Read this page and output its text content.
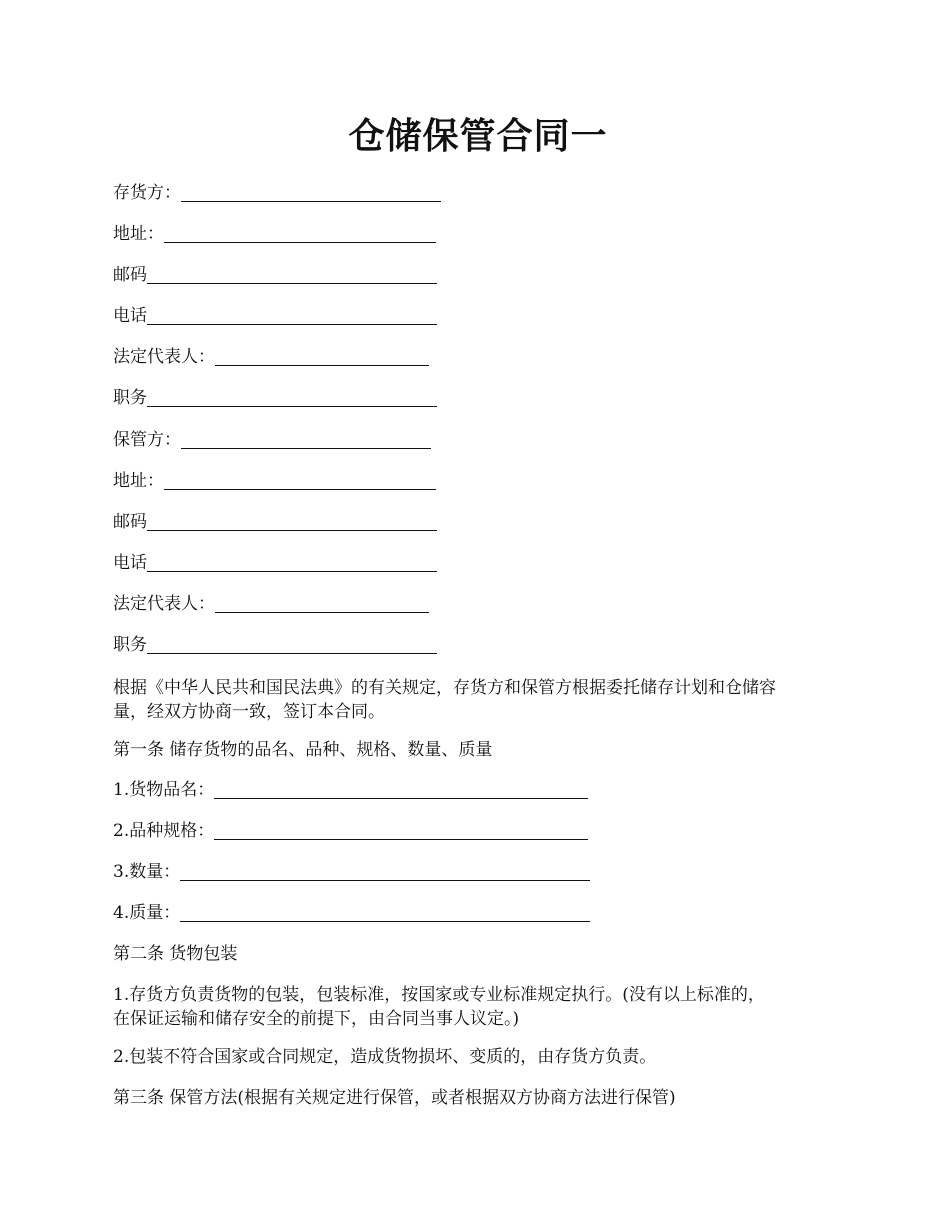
仓储保管合同一
存货方：
地址：
邮码
电话
法定代表人：
职务
保管方：
地址：
邮码
电话
法定代表人：
职务
根据《中华人民共和国民法典》的有关规定，存货方和保管方根据委托储存计划和仓储容
量，经双方协商一致，签订本合同。
第一条 储存货物的品名、品种、规格、数量、质量
1.货物品名：
2.品种规格：
3.数量：
4.质量：
第二条 货物包装
1.存货方负责货物的包装，包装标准，按国家或专业标准规定执行。(没有以上标准的，
在保证运输和储存安全的前提下，由合同当事人议定。)
2.包装不符合国家或合同规定，造成货物损坏、变质的，由存货方负责。
第三条 保管方法(根据有关规定进行保管，或者根据双方协商方法进行保管)
